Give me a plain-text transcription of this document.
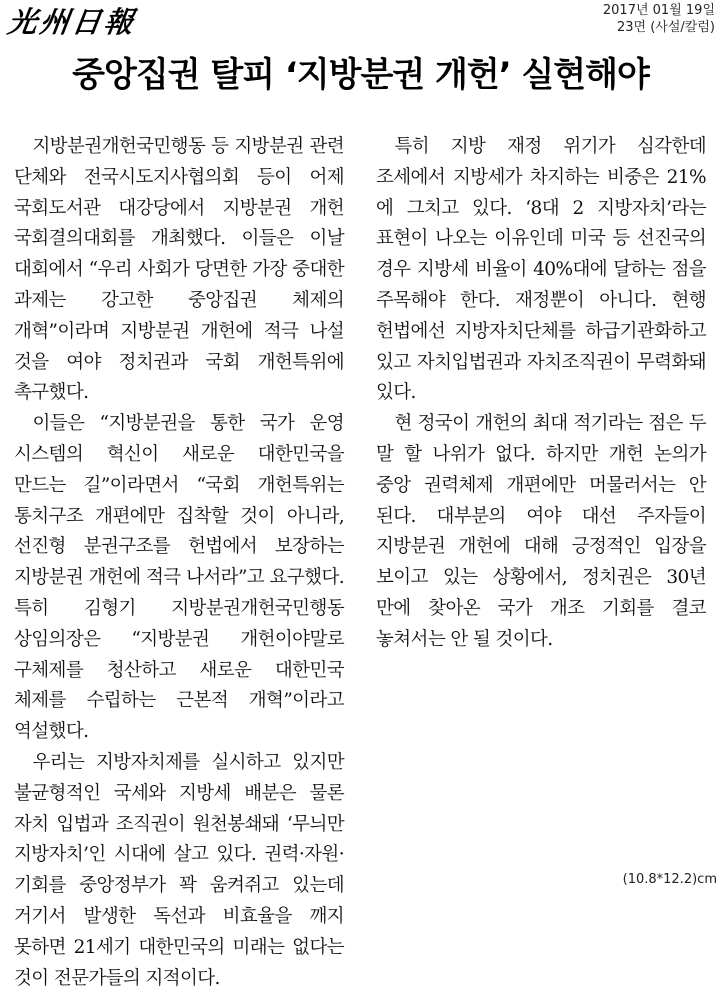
光州日報	2017년 01월 19일
23면 (사설/칼럼)
중앙집권 탈피 ‘지방분권 개헌’ 실현해야

지방분권개헌국민행동 등 지방분권 관련 단체와 전국시도지사협의회 등이 어제 국회도서관 대강당에서 지방분권 개헌 국회결의대회를 개최했다. 이들은 이날 대회에서 “우리 사회가 당면한 가장 중대한 과제는 강고한 중앙집권 체제의 개혁”이라며 지방분권 개헌에 적극 나설 것을 여야 정치권과 국회 개헌특위에 촉구했다.

이들은 “지방분권을 통한 국가 운영 시스템의 혁신이 새로운 대한민국을 만드는 길”이라면서 “국회 개헌특위는 통치구조 개편에만 집착할 것이 아니라, 선진형 분권구조를 헌법에서 보장하는 지방분권 개헌에 적극 나서라”고 요구했다. 특히 김형기 지방분권개헌국민행동 상임의장은 “지방분권 개헌이야말로 구체제를 청산하고 새로운 대한민국 체제를 수립하는 근본적 개혁”이라고 역설했다.

우리는 지방자치제를 실시하고 있지만 불균형적인 국세와 지방세 배분은 물론 자치 입법과 조직권이 원천봉쇄돼 ‘무늬만 지방자치’인 시대에 살고 있다. 권력·자원·기회를 중앙정부가 꽉 움켜쥐고 있는데 거기서 발생한 독선과 비효율을 깨지 못하면 21세기 대한민국의 미래는 없다는 것이 전문가들의 지적이다.

특히 지방 재정 위기가 심각한데 조세에서 지방세가 차지하는 비중은 21%에 그치고 있다. ‘8대 2 지방자치’라는 표현이 나오는 이유인데 미국 등 선진국의 경우 지방세 비율이 40%대에 달하는 점을 주목해야 한다. 재정뿐이 아니다. 현행 헌법에선 지방자치단체를 하급기관화하고 있고 자치입법권과 자치조직권이 무력화돼 있다.

현 정국이 개헌의 최대 적기라는 점은 두 말 할 나위가 없다. 하지만 개헌 논의가 중앙 권력체제 개편에만 머물러서는 안 된다. 대부분의 여야 대선 주자들이 지방분권 개헌에 대해 긍정적인 입장을 보이고 있는 상황에서, 정치권은 30년 만에 찾아온 국가 개조 기회를 결코 놓쳐서는 안 될 것이다.

(10.8*12.2)cm
